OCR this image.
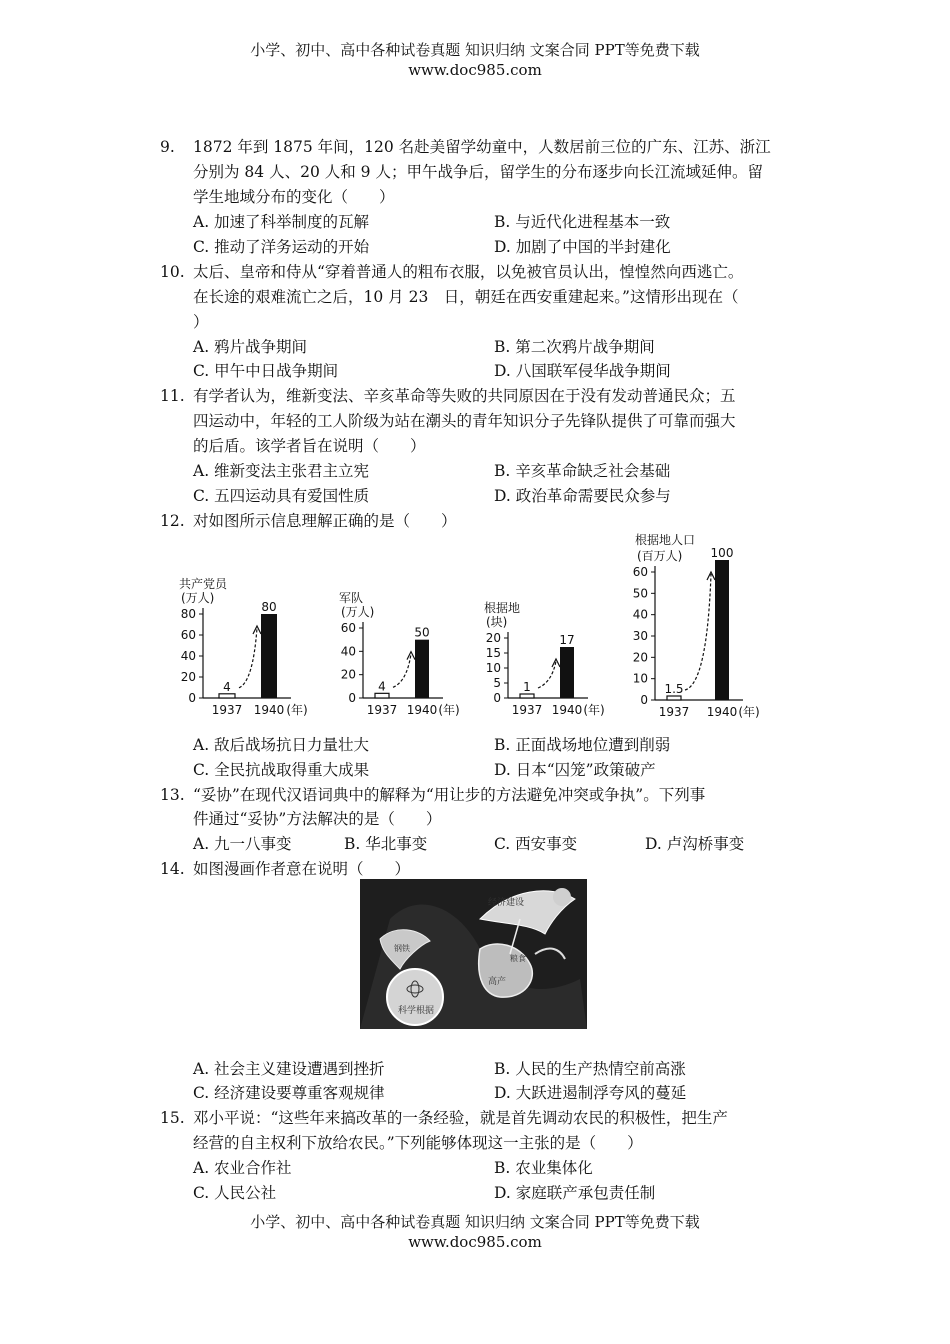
小学、初中、高中各种试卷真题 知识归纳 文案合同 PPT等免费下载
www.doc985.com
9. 1872 年到 1875 年间，120 名赴美留学幼童中，人数居前三位的广东、江苏、浙江
分别为 84 人、20 人和 9 人；甲午战争后，留学生的分布逐步向长江流域延伸。留
学生地域分布的变化（　　）
A. 加速了科举制度的瓦解	B. 与近代化进程基本一致
C. 推动了洋务运动的开始	D. 加剧了中国的半封建化
10. 太后、皇帝和侍从“穿着普通人的粗布衣服，以免被官员认出，惶惶然向西逃亡。
在长途的艰难流亡之后，10 月 23　日，朝廷在西安重建起来。”这情形出现在（
）
A. 鸦片战争期间	B. 第二次鸦片战争期间
C. 甲午中日战争期间	D. 八国联军侵华战争期间
11. 有学者认为，维新变法、辛亥革命等失败的共同原因在于没有发动普通民众；五
四运动中，年轻的工人阶级为站在潮头的青年知识分子先锋队提供了可靠而强大
的后盾。该学者旨在说明（　　）
A. 维新变法主张君主立宪	B. 辛亥革命缺乏社会基础
C. 五四运动具有爱国性质	D. 政治革命需要民众参与
12. 对如图所示信息理解正确的是（　　）
共产党员
(万人)
0
20
40
60
80
4
80
1937 1940 (年)
军队
(万人)
0
20
40
60
4
50
1937 1940 (年)
根据地
(块)
0
5
10
15
20
1
17
1937 1940 (年)
根据地人口
(百万人)
0
10
20
30
40
50
60
1.5
100
1937 1940 (年)
A. 敌后战场抗日力量壮大	B. 正面战场地位遭到削弱
C. 全民抗战取得重大成果	D. 日本“囚笼”政策破产
13. “妥协”在现代汉语词典中的解释为“用让步的方法避免冲突或争执”。下列事
件通过“妥协”方法解决的是（　　）
A. 九一八事变	B. 华北事变	C. 西安事变	D. 卢沟桥事变
14. 如图漫画作者意在说明（　　）
经济建设
科学根据
高产
钢铁
粮食
A. 社会主义建设遭遇到挫折	B. 人民的生产热情空前高涨
C. 经济建设要尊重客观规律	D. 大跃进遏制浮夸风的蔓延
15. 邓小平说：“这些年来搞改革的一条经验，就是首先调动农民的积极性，把生产
经营的自主权利下放给农民。”下列能够体现这一主张的是（　　）
A. 农业合作社	B. 农业集体化
C. 人民公社	D. 家庭联产承包责任制
小学、初中、高中各种试卷真题 知识归纳 文案合同 PPT等免费下载
www.doc985.com
